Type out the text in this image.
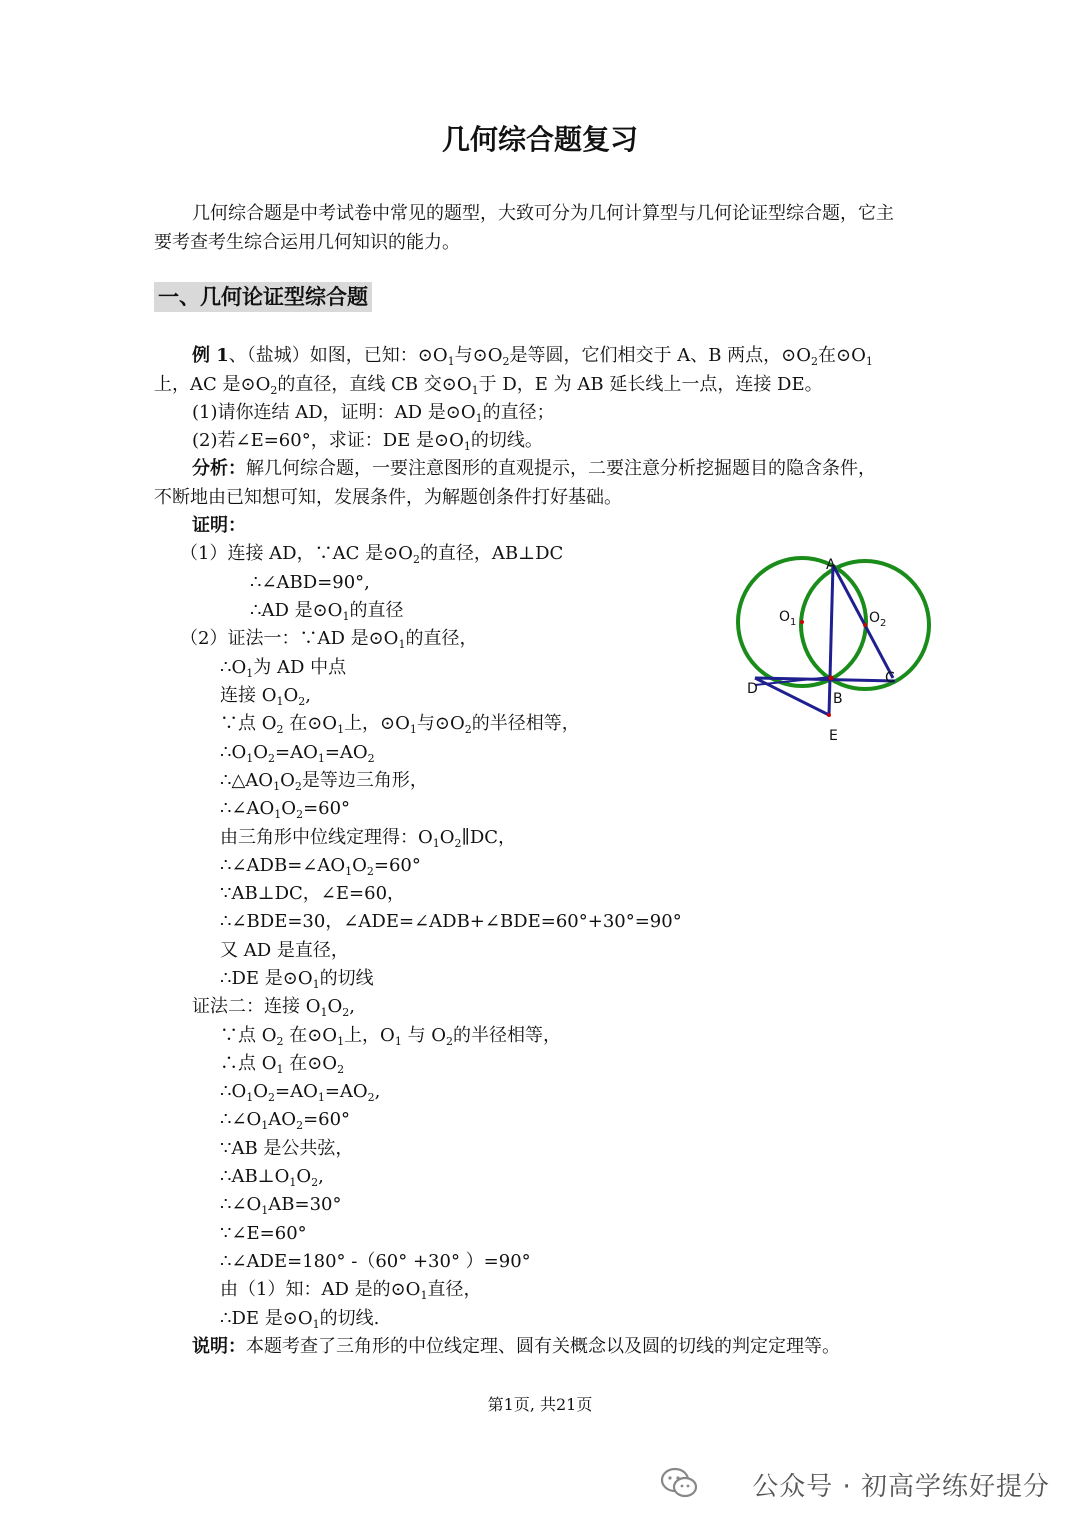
几何综合题复习
几何综合题是中考试卷中常见的题型，大致可分为几何计算型与几何论证型综合题，它主
要考查考生综合运用几何知识的能力。
一、几何论证型综合题
例 1、（盐城）如图，已知：$⊙O_1$与$⊙O_2$是等圆，它们相交于 A、B 两点，$⊙O_2$在$⊙O_1$
上，AC 是$⊙O_2$的直径，直线 CB 交$⊙O_1$于 D，E 为 AB 延长线上一点，连接 DE。
(1)请你连结 AD，证明：AD 是$⊙O_1$的直径；
(2)若∠E=60°，求证：DE 是$⊙O_1$的切线。
分析：解几何综合题，一要注意图形的直观提示，二要注意分析挖掘题目的隐含条件，
不断地由已知想可知，发展条件，为解题创条件打好基础。
证明：
（1）连接 AD，∵AC 是$⊙O_2$的直径，AB⊥DC
∴∠ABD=90°,
∴AD 是$⊙O_1$的直径
（2）证法一：∵AD 是$⊙O_1$的直径，
$\therefore O_1$为 AD 中点
连接 $O_1O_2$,
∵点 $O_2$ 在$⊙O_1$上，$⊙O_1$与$⊙O_2$的半径相等，
$\therefore O_1O_2=AO_1=AO_2$
$\therefore\triangle AO_1O_2$是等边三角形，
$\therefore\angle AO_1O_2=60^\circ$
由三角形中位线定理得：$O_1O_2\parallel DC$，
$\therefore\angle ADB=\angle AO_1O_2=60^\circ$
∵AB⊥DC，∠E=60，
∴∠BDE=30，∠ADE=∠ADB+∠BDE=60°+30°=90°
又 AD 是直径，
∴DE 是$⊙O_1$的切线
证法二：连接 $O_1O_2$,
∵点 $O_2$ 在$⊙O_1$上，$O_1$ 与 $O_2$的半径相等，
∴点 $O_1$ 在$⊙O_2$
$\therefore O_1O_2=AO_1=AO_2$,
$\therefore\angle O_1AO_2=60^\circ$
∵AB 是公共弦，
$\therefore AB\perp O_1O_2$,
$\therefore\angle O_1AB=30^\circ$
∵∠E=60°
∴∠ADE=180° -（60° +30° ）=90°
由（1）知：AD 是的$⊙O_1$直径，
∴DE 是$⊙O_1$的切线.
说明：本题考查了三角形的中位线定理、圆有关概念以及圆的切线的判定定理等。
A
B
C
D
E
$O_1$	$O_2$
第1页, 共21页
公众号 · 初高学练好提分
